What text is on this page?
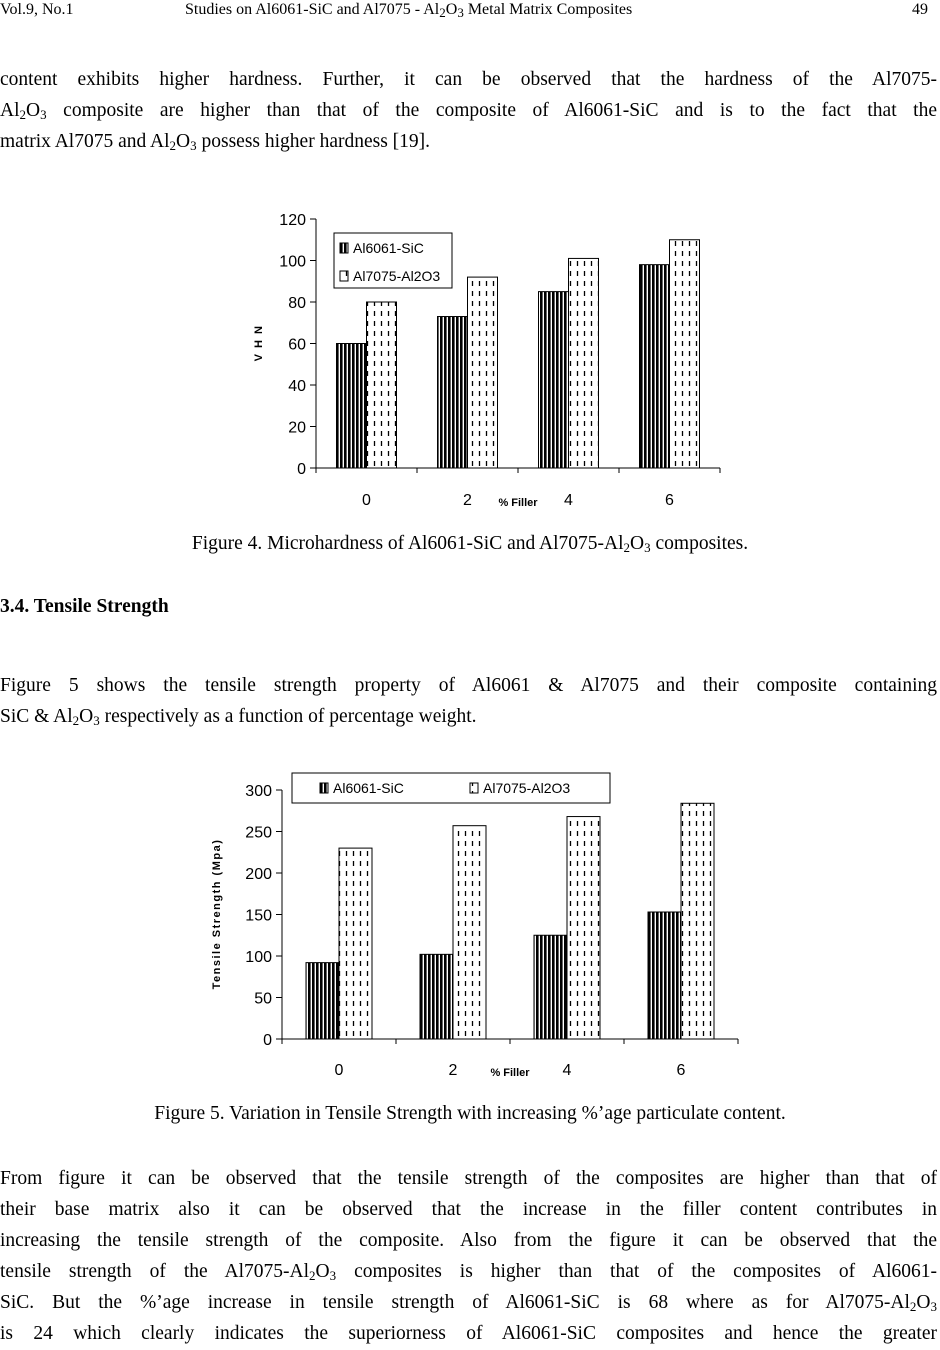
Vol.9, No.1	Studies on Al6061-SiC and $Al7075 - Al_2O_3$ Metal Matrix Composites	49
content exhibits higher hardness. Further, it can be observed that the hardness of the Al7075-
$Al_2O_3$ composite are higher than that of the composite of Al6061-SiC and is to the fact that the
matrix Al7075 and $Al_2O_3$ possess higher hardness [19].
0
20
40
60
80
100
120
0	2	4	6
% Filler
V H N
Al6061-SiC
Al7075-Al2O3
Figure 4. Microhardness of Al6061-SiC and $Al7075-Al_2O_3$ composites.
3.4. Tensile Strength
Figure 5 shows the tensile strength property of Al6061 & Al7075 and their composite containing
SiC & $Al_2O_3$ respectively as a function of percentage weight.
0
50
100
150
200
250
300
0	2	4	6
% Filler
Tensile Strength (Mpa)
Al6061-SiC	Al7075-Al2O3
Figure 5. Variation in Tensile Strength with increasing %’age particulate content.
From figure it can be observed that the tensile strength of the composites are higher than that of
their base matrix also it can be observed that the increase in the filler content contributes in
increasing the tensile strength of the composite. Also from the figure it can be observed that the
tensile strength of the $Al7075-Al_2O_3$ composites is higher than that of the composites of Al6061-
SiC. But the %’age increase in tensile strength of Al6061-SiC is 68 where as for $Al7075-Al_2O_3$
is 24 which clearly indicates the superiorness of Al6061-SiC composites and hence the greater
